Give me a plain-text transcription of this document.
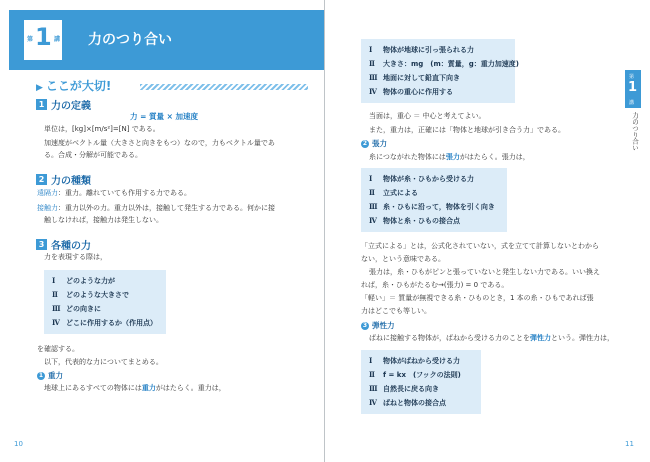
第 1 講 力のつり合い
▶ ここが大切!
1 力の定義
力 = 質量 × 加速度
単位は，[kg]×[m/s²]=[N] である。
加速度がベクトル量（大きさと向きをもつ）なので，力もベクトル量であ
る。合成・分解が可能である。
2 力の種類
遠隔力：重力。離れていても作用する力である。
接触力：重力以外の力。重力以外は，接触して発生する力である。何かに接
触しなければ，接触力は発生しない。
3 各種の力
力を表現する際は，
Ⅰ どのような力が
Ⅱ どのような大きさで
Ⅲ どの向きに
Ⅳ どこに作用するか（作用点）
を確認する。
以下，代表的な力についてまとめる。
1 重力
地球上にあるすべての物体には重力がはたらく。重力は，
10
Ⅰ 物体が地球に引っ張られる力
Ⅱ 大きさ：mg　(m：質量，g：重力加速度)
Ⅲ 地面に対して鉛直下向き
Ⅳ 物体の重心に作用する
当面は，重心 ＝ 中心と考えてよい。
また，重力は，正確には「物体と地球が引き合う力」である。
2 張力
糸につながれた物体には張力がはたらく。張力は，
Ⅰ 物体が糸・ひもから受ける力
Ⅱ 立式による
Ⅲ 糸・ひもに沿って，物体を引く向き
Ⅳ 物体と糸・ひもの接合点
「立式による」とは，公式化されていない，式を立てて計算しないとわから
ない，という意味である。
張力は，糸・ひもがピンと張っていないと発生しない力である。いい換え
れば，糸・ひもがたるむ→(張力) = 0 である。
「軽い」＝ 質量が無視できる糸・ひものとき，1 本の糸・ひもであれば張
力はどこでも等しい。
3 弾性力
ばねに接触する物体が，ばねから受ける力のことを弾性力という。弾性力は，
Ⅰ 物体がばねから受ける力
Ⅱ f = kx　(フックの法則)
Ⅲ 自然長に戻る向き
Ⅳ ばねと物体の接合点
第
1
講
力のつり合い
11
